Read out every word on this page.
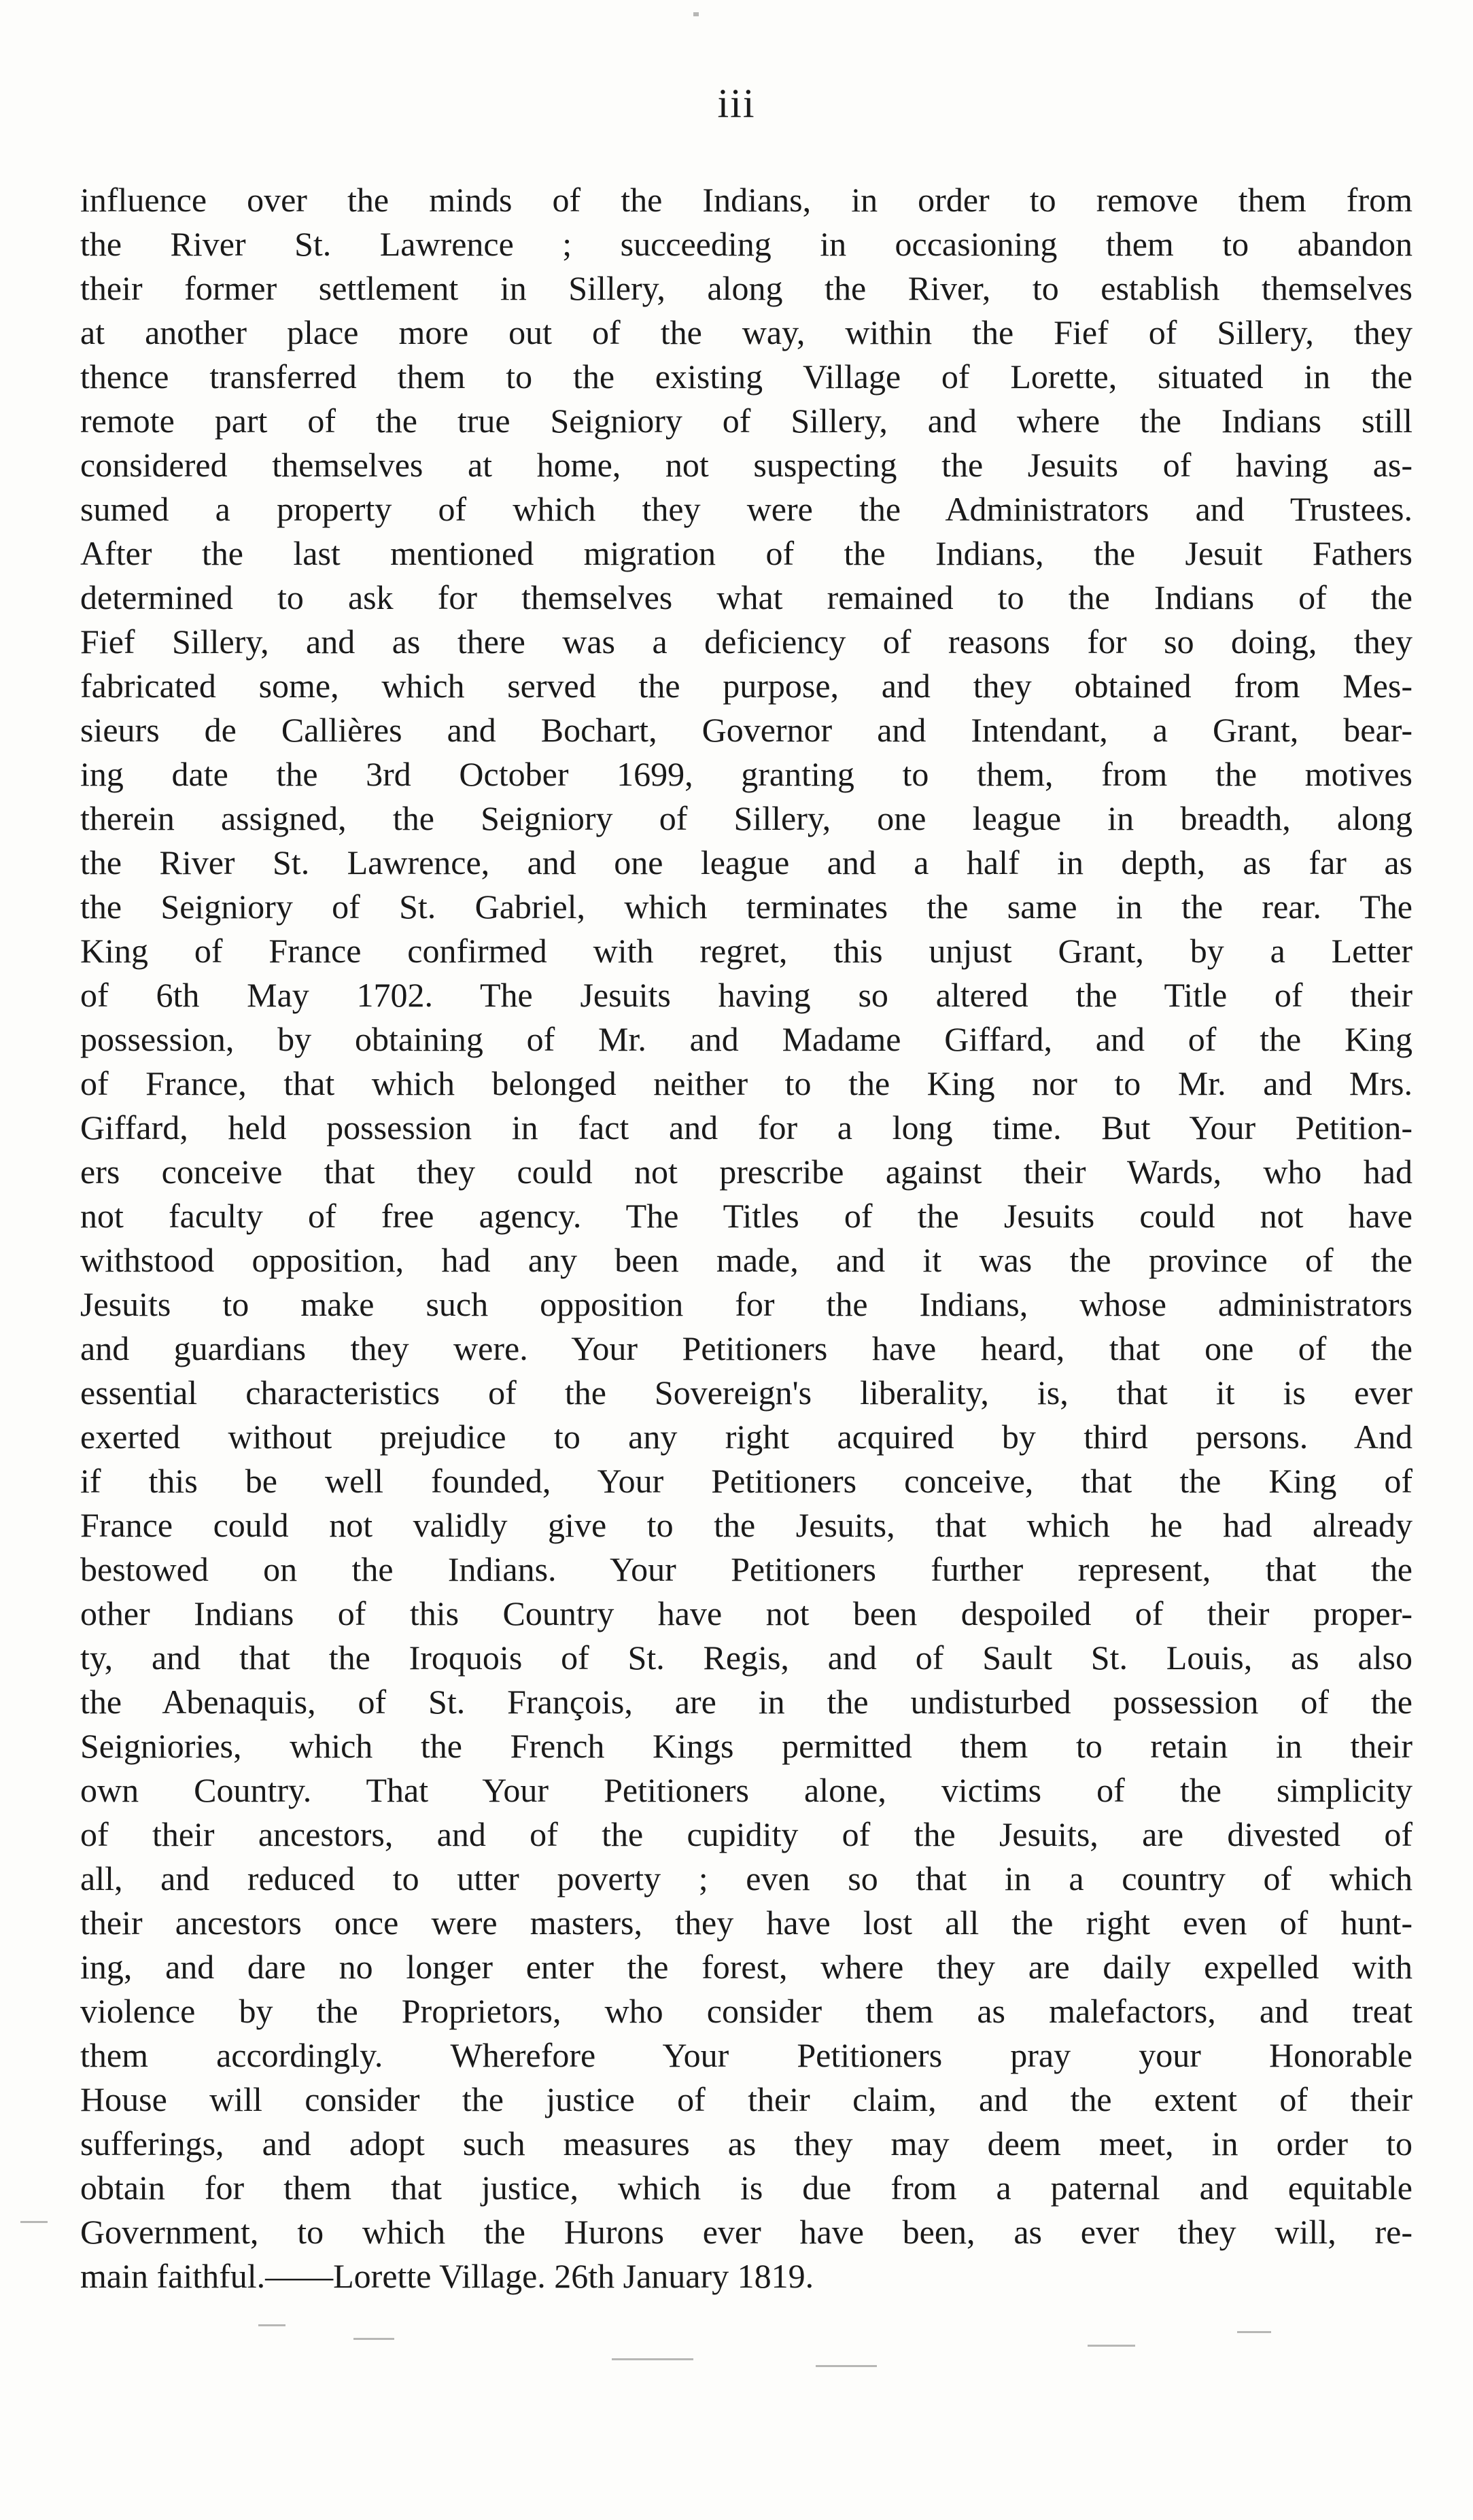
iii
influence over the minds of the Indians, in order to remove them from
the River St. Lawrence ; succeeding in occasioning them to abandon
their former settlement in Sillery, along the River, to establish themselves
at another place more out of the way, within the Fief of Sillery, they
thence transferred them to the existing Village of Lorette, situated in the
remote part of the true Seigniory of Sillery, and where the Indians still
considered themselves at home, not suspecting the Jesuits of having as-
sumed a property of which they were the Administrators and Trustees.
After the last mentioned migration of the Indians, the Jesuit Fathers
determined to ask for themselves what remained to the Indians of the
Fief Sillery, and as there was a deficiency of reasons for so doing, they
fabricated some, which served the purpose, and they obtained from Mes-
sieurs de Callières and Bochart, Governor and Intendant, a Grant, bear-
ing date the 3rd October 1699, granting to them, from the motives
therein assigned, the Seigniory of Sillery, one league in breadth, along
the River St. Lawrence, and one league and a half in depth, as far as
the Seigniory of St. Gabriel, which terminates the same in the rear. The
King of France confirmed with regret, this unjust Grant, by a Letter
of 6th May 1702. The Jesuits having so altered the Title of their
possession, by obtaining of Mr. and Madame Giffard, and of the King
of France, that which belonged neither to the King nor to Mr. and Mrs.
Giffard, held possession in fact and for a long time. But Your Petition-
ers conceive that they could not prescribe against their Wards, who had
not faculty of free agency. The Titles of the Jesuits could not have
withstood opposition, had any been made, and it was the province of the
Jesuits to make such opposition for the Indians, whose administrators
and guardians they were. Your Petitioners have heard, that one of the
essential characteristics of the Sovereign's liberality, is, that it is ever
exerted without prejudice to any right acquired by third persons. And
if this be well founded, Your Petitioners conceive, that the King of
France could not validly give to the Jesuits, that which he had already
bestowed on the Indians. Your Petitioners further represent, that the
other Indians of this Country have not been despoiled of their proper-
ty, and that the Iroquois of St. Regis, and of Sault St. Louis, as also
the Abenaquis, of St. François, are in the undisturbed possession of the
Seigniories, which the French Kings permitted them to retain in their
own Country. That Your Petitioners alone, victims of the simplicity
of their ancestors, and of the cupidity of the Jesuits, are divested of
all, and reduced to utter poverty ; even so that in a country of which
their ancestors once were masters, they have lost all the right even of hunt-
ing, and dare no longer enter the forest, where they are daily expelled with
violence by the Proprietors, who consider them as malefactors, and treat
them accordingly. Wherefore Your Petitioners pray your Honorable
House will consider the justice of their claim, and the extent of their
sufferings, and adopt such measures as they may deem meet, in order to
obtain for them that justice, which is due from a paternal and equitable
Government, to which the Hurons ever have been, as ever they will, re-
main faithful.——Lorette Village. 26th January 1819.
